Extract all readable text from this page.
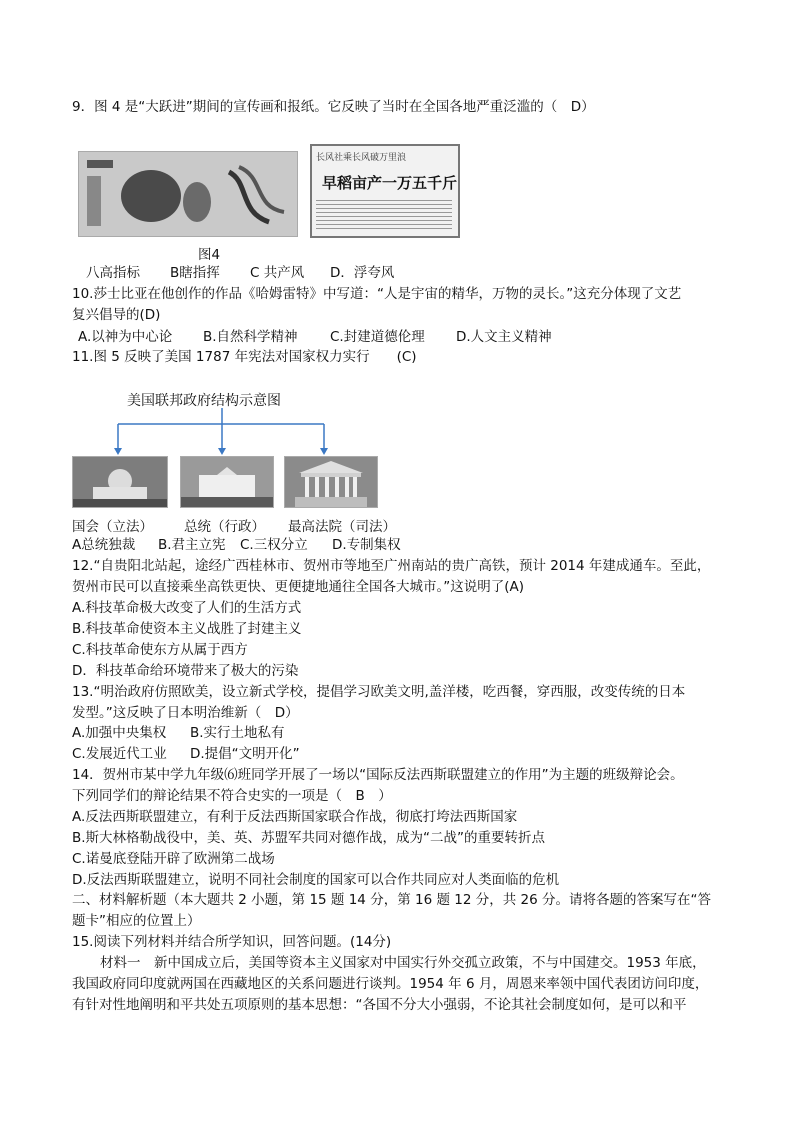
9．图 4 是“大跃进”期间的宣传画和报纸。它反映了当时在全国各地严重泛滥的（　D）
长风社乘长风破万里浪
早稻亩产一万五千斤
图4
八高指标 B瞎指挥 C 共产风 D．浮夸风
10.莎士比亚在他创作的作品《哈姆雷特》中写道：“人是宇宙的精华，万物的灵长。”这充分体现了文艺
复兴倡导的(D)
A.以神为中心论 B.自然科学精神 C.封建道德伦理 D.人文主义精神
11.图 5 反映了美国 1787 年宪法对国家权力实行　　(C)
美国联邦政府结构示意图
国会（立法） 总统（行政） 最高法院（司法）
A总统独裁 B.君主立宪 C.三权分立 D.专制集权
12.“自贵阳北站起，途经广西桂林市、贺州市等地至广州南站的贵广高铁，预计 2014 年建成通车。至此，
贺州市民可以直接乘坐高铁更快、更便捷地通往全国各大城市。”这说明了(A)
A.科技革命极大改变了人们的生活方式
B.科技革命使资本主义战胜了封建主义
C.科技革命使东方从属于西方
D．科技革命给环境带来了极大的污染
13.“明治政府仿照欧美，设立新式学校，提倡学习欧美文明,盖洋楼，吃西餐，穿西服，改变传统的日本
发型。”这反映了日本明治维新（　D）
A.加强中央集权 B.实行土地私有
C.发展近代工业 D.提倡“文明开化”
14．贺州市某中学九年级⑹班同学开展了一场以“国际反法西斯联盟建立的作用”为主题的班级辩论会。
下列同学们的辩论结果不符合史实的一项是（　B　）
A.反法西斯联盟建立，有利于反法西斯国家联合作战，彻底打垮法西斯国家
B.斯大林格勒战役中，美、英、苏盟军共同对德作战，成为“二战”的重要转折点
C.诺曼底登陆开辟了欧洲第二战场
D.反法西斯联盟建立，说明不同社会制度的国家可以合作共同应对人类面临的危机
二、材料解析题（本大题共 2 小题，第 15 题 14 分，第 16 题 12 分，共 26 分。请将各题的答案写在“答
题卡”相应的位置上）
15.阅读下列材料并结合所学知识，回答问题。(14分)
材料一　新中国成立后，美国等资本主义国家对中国实行外交孤立政策，不与中国建交。1953 年底，
我国政府同印度就两国在西藏地区的关系问题进行谈判。1954 年 6 月，周恩来率领中国代表团访问印度，
有针对性地阐明和平共处五项原则的基本思想：“各国不分大小强弱，不论其社会制度如何，是可以和平
